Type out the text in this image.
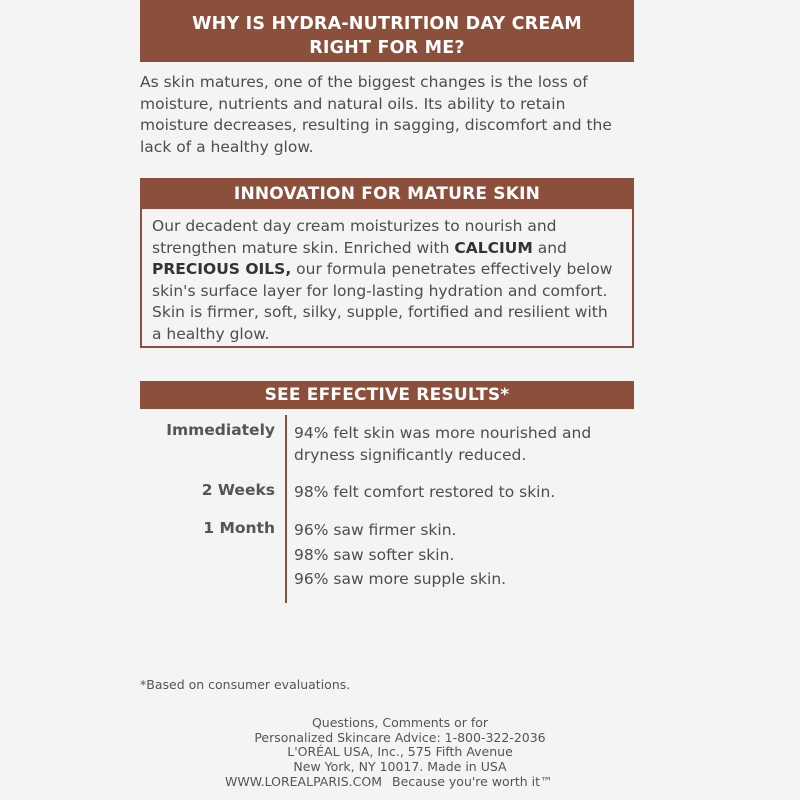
WHY IS HYDRA-NUTRITION DAY CREAM
RIGHT FOR ME?
As skin matures, one of the biggest changes is the loss of moisture, nutrients and natural oils. Its ability to retain moisture decreases, resulting in sagging, discomfort and the lack of a healthy glow.
INNOVATION FOR MATURE SKIN
Our decadent day cream moisturizes to nourish and strengthen mature skin. Enriched with CALCIUM and PRECIOUS OILS, our formula penetrates effectively below skin's surface layer for long-lasting hydration and comfort. Skin is firmer, soft, silky, supple, fortified and resilient with a healthy glow.
SEE EFFECTIVE RESULTS*
Immediately 94% felt skin was more nourished and dryness significantly reduced.
2 Weeks 98% felt comfort restored to skin.
1 Month 96% saw firmer skin.
98% saw softer skin.
96% saw more supple skin.
*Based on consumer evaluations.
Questions, Comments or for
Personalized Skincare Advice: 1-800-322-2036
L'ORÉAL USA, Inc., 575 Fifth Avenue
New York, NY 10017. Made in USA
WWW.LOREALPARIS.COM Because you're worth it™
